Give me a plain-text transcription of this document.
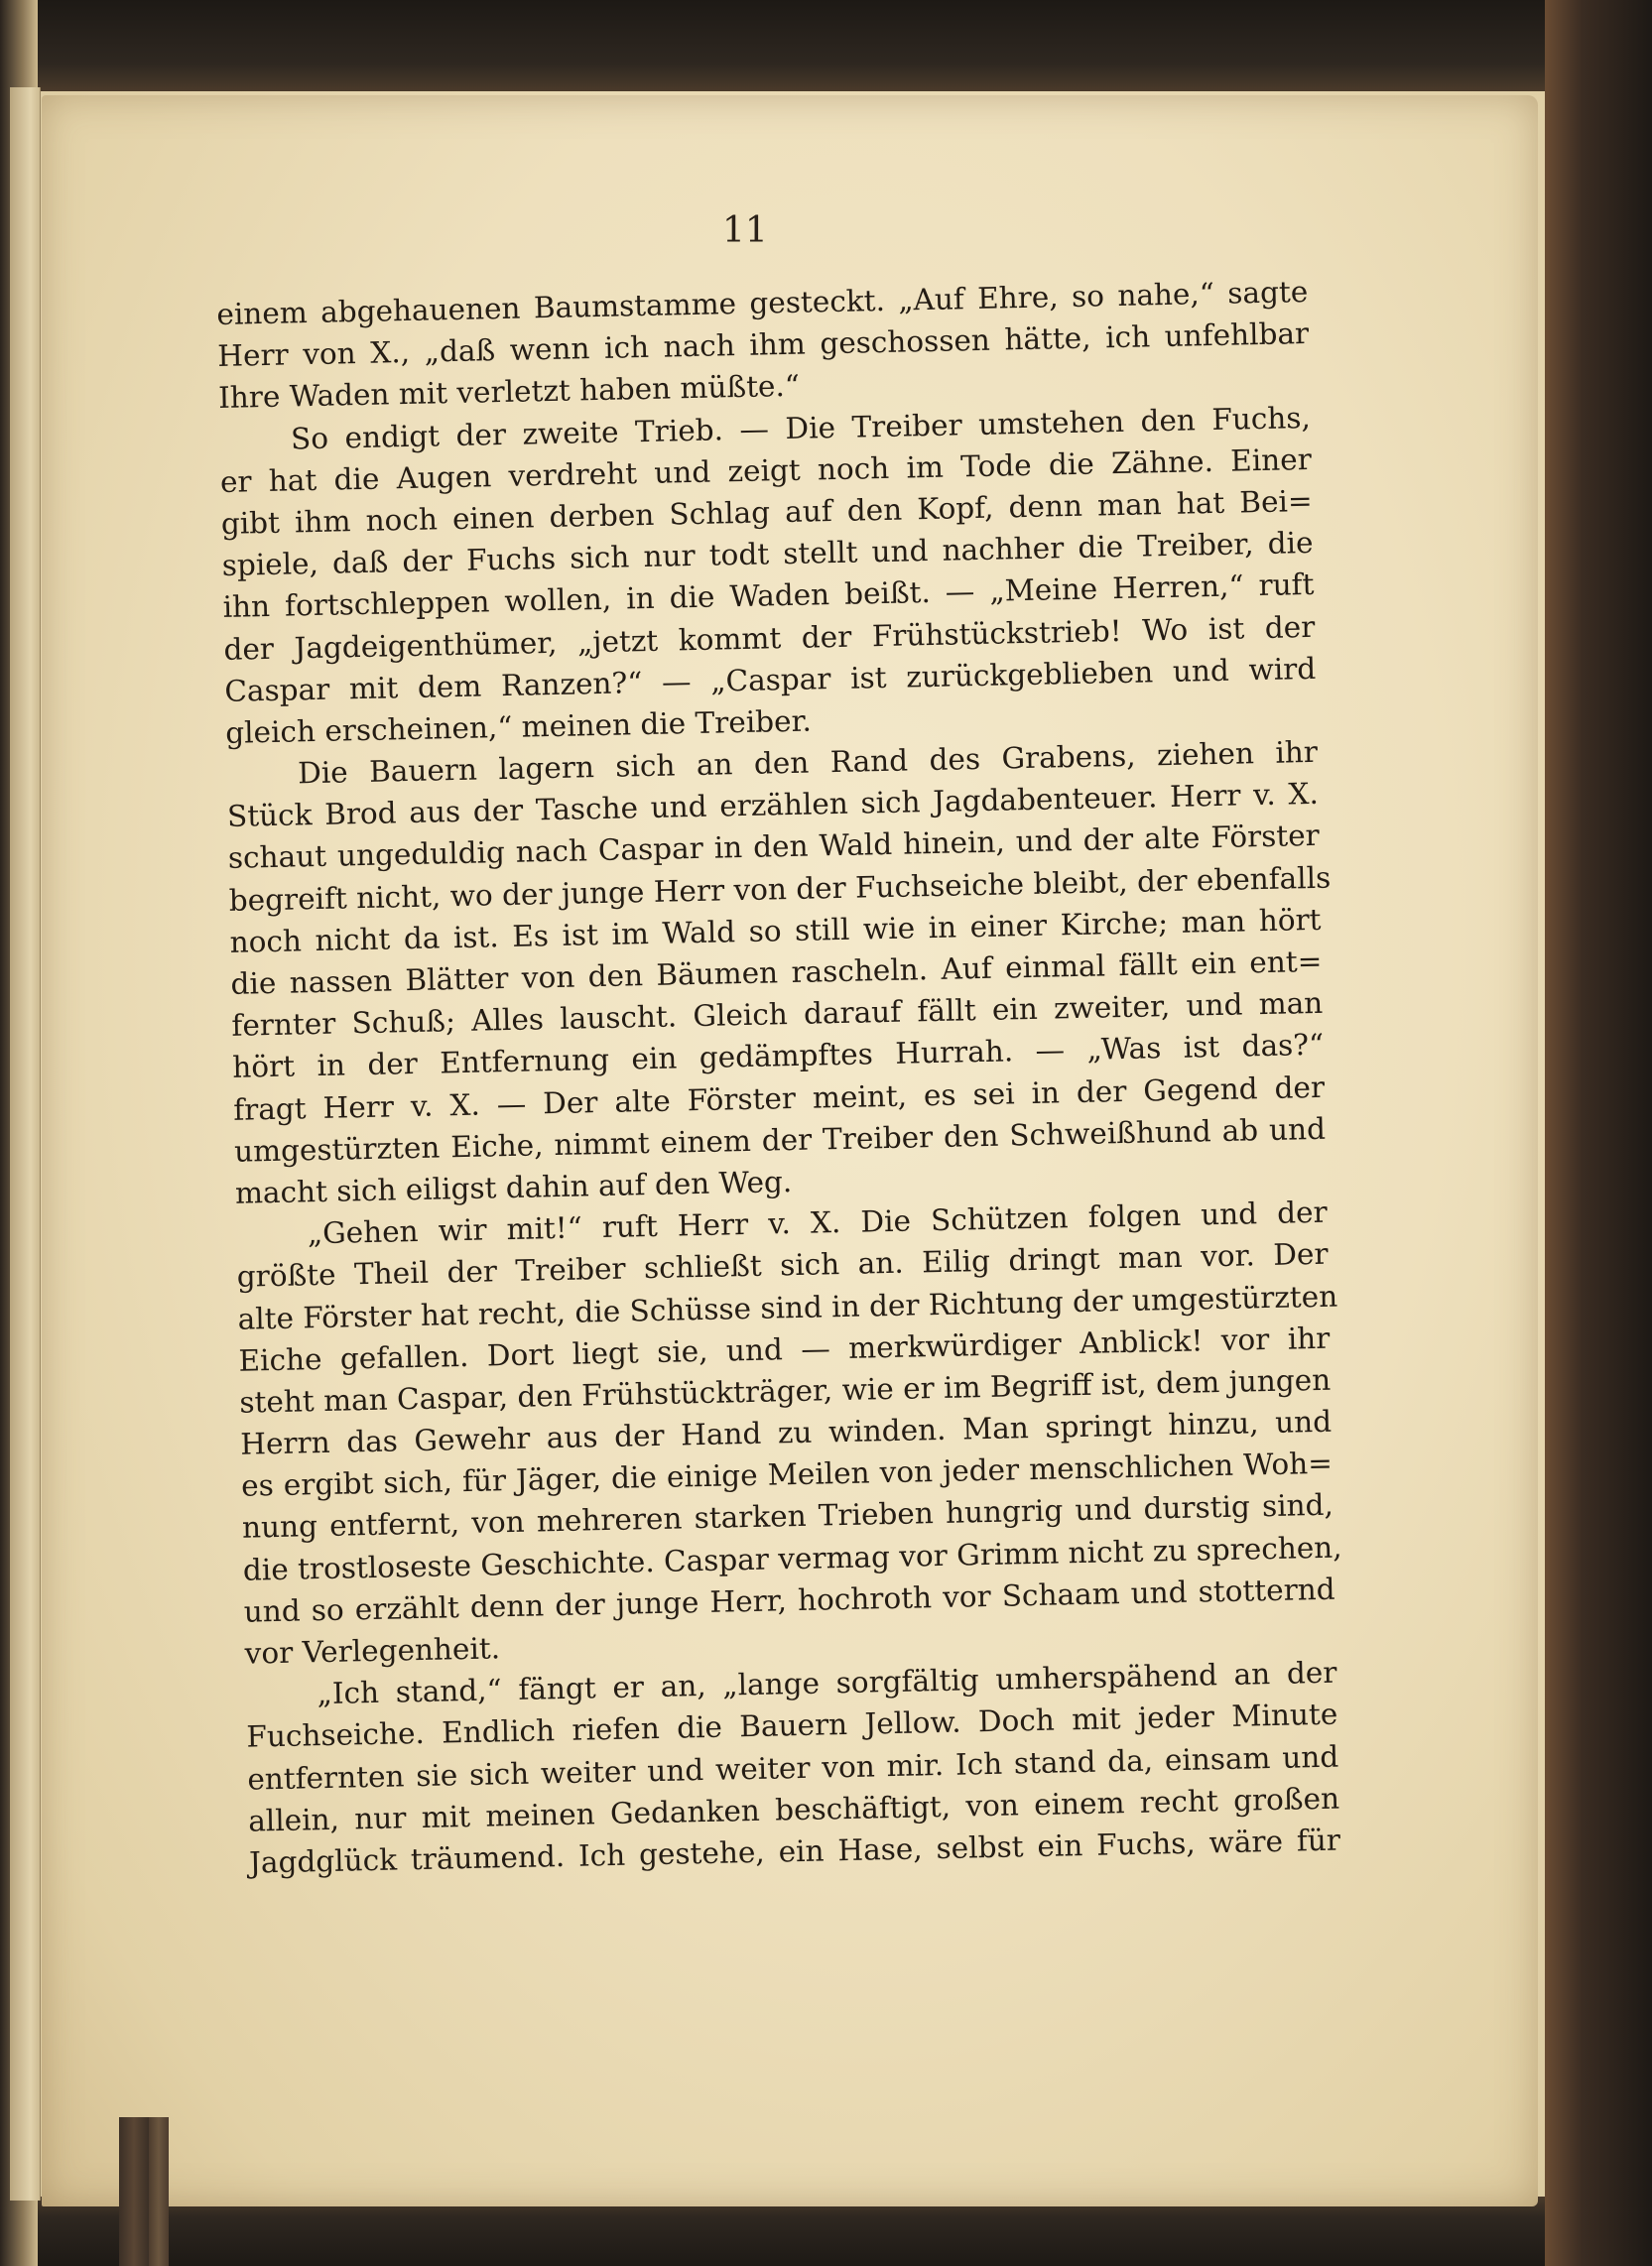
11
einem abgehauenen Baumstamme gesteckt. „Auf Ehre, so nahe,“ sagte
Herr von X., „daß wenn ich nach ihm geschossen hätte, ich unfehlbar
Ihre Waden mit verletzt haben müßte.“
So endigt der zweite Trieb. — Die Treiber umstehen den Fuchs,
er hat die Augen verdreht und zeigt noch im Tode die Zähne. Einer
gibt ihm noch einen derben Schlag auf den Kopf, denn man hat Bei=
spiele, daß der Fuchs sich nur todt stellt und nachher die Treiber, die
ihn fortschleppen wollen, in die Waden beißt. — „Meine Herren,“ ruft
der Jagdeigenthümer, „jetzt kommt der Frühstückstrieb! Wo ist der
Caspar mit dem Ranzen?“ — „Caspar ist zurückgeblieben und wird
gleich erscheinen,“ meinen die Treiber.
Die Bauern lagern sich an den Rand des Grabens, ziehen ihr
Stück Brod aus der Tasche und erzählen sich Jagdabenteuer. Herr v. X.
schaut ungeduldig nach Caspar in den Wald hinein, und der alte Förster
begreift nicht, wo der junge Herr von der Fuchseiche bleibt, der ebenfalls
noch nicht da ist. Es ist im Wald so still wie in einer Kirche; man hört
die nassen Blätter von den Bäumen rascheln. Auf einmal fällt ein ent=
fernter Schuß; Alles lauscht. Gleich darauf fällt ein zweiter, und man
hört in der Entfernung ein gedämpftes Hurrah. — „Was ist das?“
fragt Herr v. X. — Der alte Förster meint, es sei in der Gegend der
umgestürzten Eiche, nimmt einem der Treiber den Schweißhund ab und
macht sich eiligst dahin auf den Weg.
„Gehen wir mit!“ ruft Herr v. X. Die Schützen folgen und der
größte Theil der Treiber schließt sich an. Eilig dringt man vor. Der
alte Förster hat recht, die Schüsse sind in der Richtung der umgestürzten
Eiche gefallen. Dort liegt sie, und — merkwürdiger Anblick! vor ihr
steht man Caspar, den Frühstückträger, wie er im Begriff ist, dem jungen
Herrn das Gewehr aus der Hand zu winden. Man springt hinzu, und
es ergibt sich, für Jäger, die einige Meilen von jeder menschlichen Woh=
nung entfernt, von mehreren starken Trieben hungrig und durstig sind,
die trostloseste Geschichte. Caspar vermag vor Grimm nicht zu sprechen,
und so erzählt denn der junge Herr, hochroth vor Schaam und stotternd
vor Verlegenheit.
„Ich stand,“ fängt er an, „lange sorgfältig umherspähend an der
Fuchseiche. Endlich riefen die Bauern Jellow. Doch mit jeder Minute
entfernten sie sich weiter und weiter von mir. Ich stand da, einsam und
allein, nur mit meinen Gedanken beschäftigt, von einem recht großen
Jagdglück träumend. Ich gestehe, ein Hase, selbst ein Fuchs, wäre für
